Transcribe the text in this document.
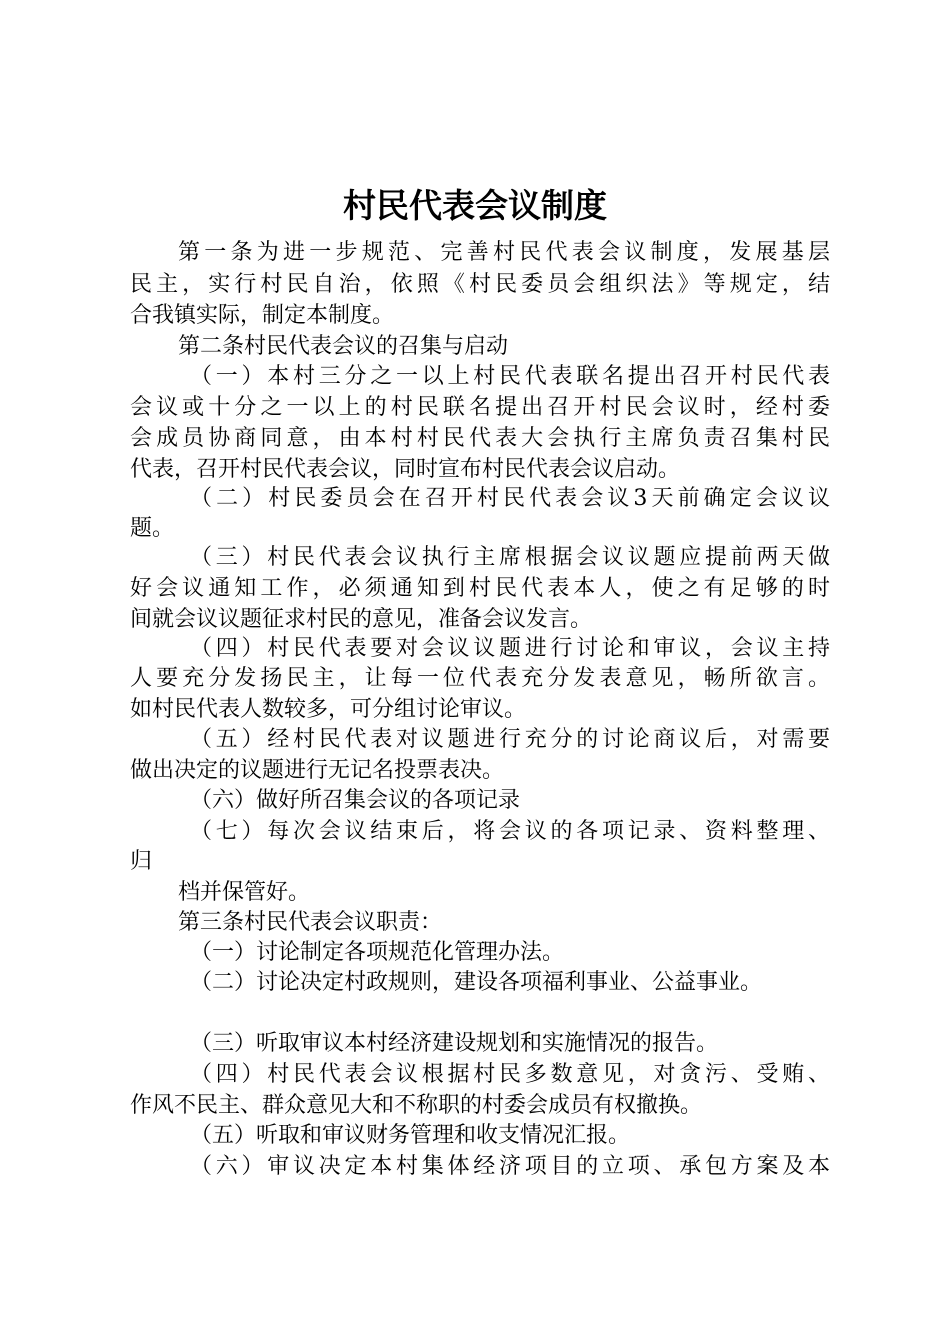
村民代表会议制度

第一条为进一步规范、完善村民代表会议制度，发展基层

民主，实行村民自治，依照《村民委员会组织法》等规定，结

合我镇实际，制定本制度。

第二条村民代表会议的召集与启动

（一）本村三分之一以上村民代表联名提出召开村民代表

会议或十分之一以上的村民联名提出召开村民会议时，经村委

会成员协商同意，由本村村民代表大会执行主席负责召集村民

代表，召开村民代表会议，同时宣布村民代表会议启动。

（二）村民委员会在召开村民代表会议3天前确定会议议

题。

（三）村民代表会议执行主席根据会议议题应提前两天做

好会议通知工作，必须通知到村民代表本人，使之有足够的时

间就会议议题征求村民的意见，准备会议发言。

（四）村民代表要对会议议题进行讨论和审议，会议主持

人要充分发扬民主，让每一位代表充分发表意见，畅所欲言。

如村民代表人数较多，可分组讨论审议。

（五）经村民代表对议题进行充分的讨论商议后，对需要

做出决定的议题进行无记名投票表决。

（六）做好所召集会议的各项记录

（七）每次会议结束后，将会议的各项记录、资料整理、

归

档并保管好。

第三条村民代表会议职责：

（一）讨论制定各项规范化管理办法。

（二）讨论决定村政规则，建设各项福利事业、公益事业。

（三）听取审议本村经济建设规划和实施情况的报告。

（四）村民代表会议根据村民多数意见，对贪污、受贿、

作风不民主、群众意见大和不称职的村委会成员有权撤换。

（五）听取和审议财务管理和收支情况汇报。

（六）审议决定本村集体经济项目的立项、承包方案及本
